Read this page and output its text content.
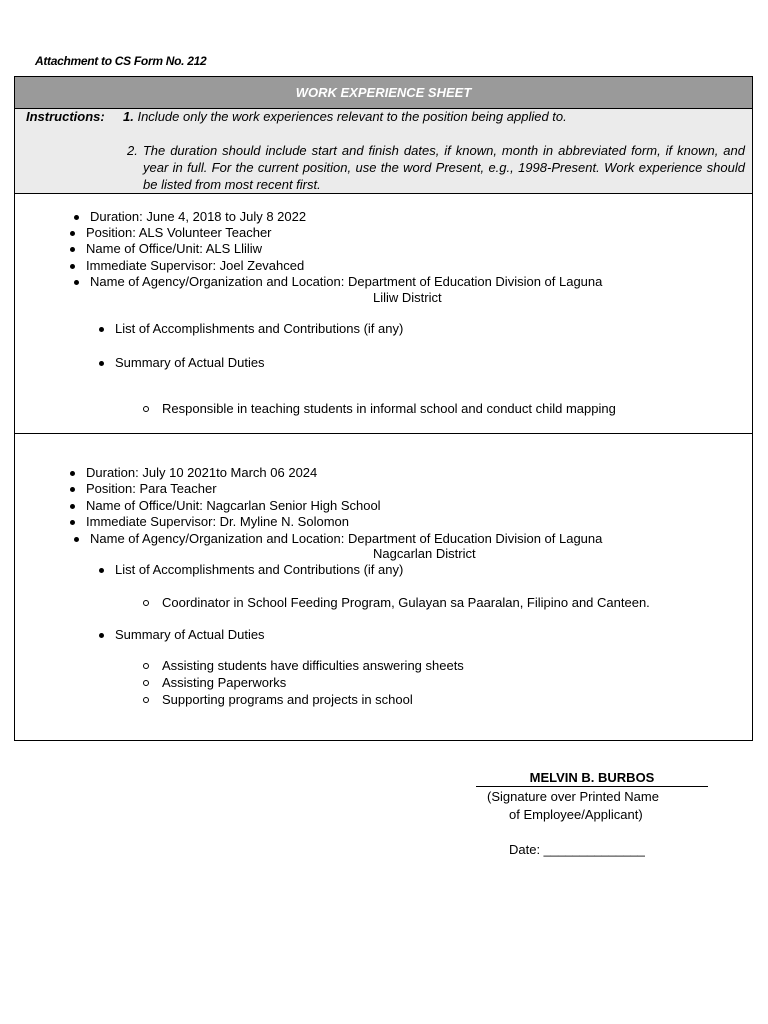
Attachment to CS Form No. 212
WORK EXPERIENCE SHEET
Instructions: 1. Include only the work experiences relevant to the position being applied to.
2. The duration should include start and finish dates, if known, month in abbreviated form, if known, and year in full. For the current position, use the word Present, e.g., 1998-Present. Work experience should be listed from most recent first.
Duration: June 4, 2018 to July 8 2022
Position: ALS Volunteer Teacher
Name of Office/Unit: ALS Lliliw
Immediate Supervisor: Joel Zevahced
Name of Agency/Organization and Location: Department of Education Division of Laguna
Liliw District
List of Accomplishments and Contributions (if any)
Summary of Actual Duties
Responsible in teaching students in informal school and conduct child mapping
Duration: July 10 2021to March 06 2024
Position: Para Teacher
Name of Office/Unit: Nagcarlan Senior High School
Immediate Supervisor: Dr. Myline N. Solomon
Name of Agency/Organization and Location: Department of Education Division of Laguna
Nagcarlan District
List of Accomplishments and Contributions (if any)
Coordinator in School Feeding Program, Gulayan sa Paaralan, Filipino and Canteen.
Summary of Actual Duties
Assisting students have difficulties answering sheets
Assisting Paperworks
Supporting programs and projects in school
MELVIN B. BURBOS
(Signature over Printed Name
of Employee/Applicant)
Date: ______________
